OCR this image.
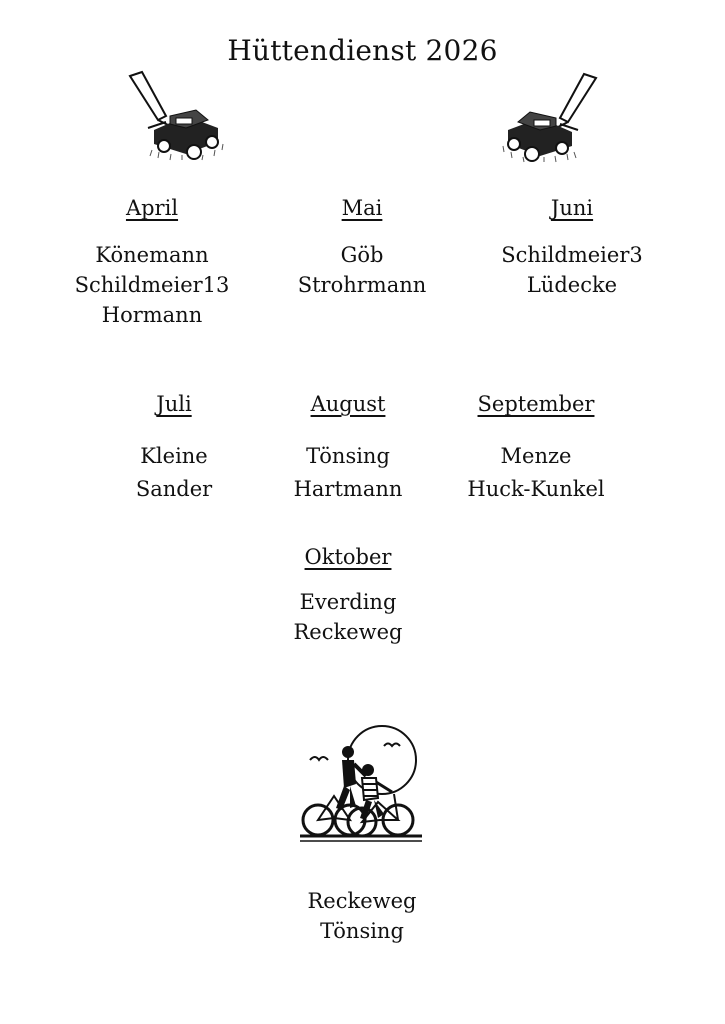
Hüttendienst 2026
April
Könemann
Schildmeier13
Hormann
Mai
Göb
Strohrmann
Juni
Schildmeier3
Lüdecke
Juli
Kleine
Sander
August
Tönsing
Hartmann
September
Menze
Huck-Kunkel
Oktober
Everding
Reckeweg
Reckeweg
Tönsing
